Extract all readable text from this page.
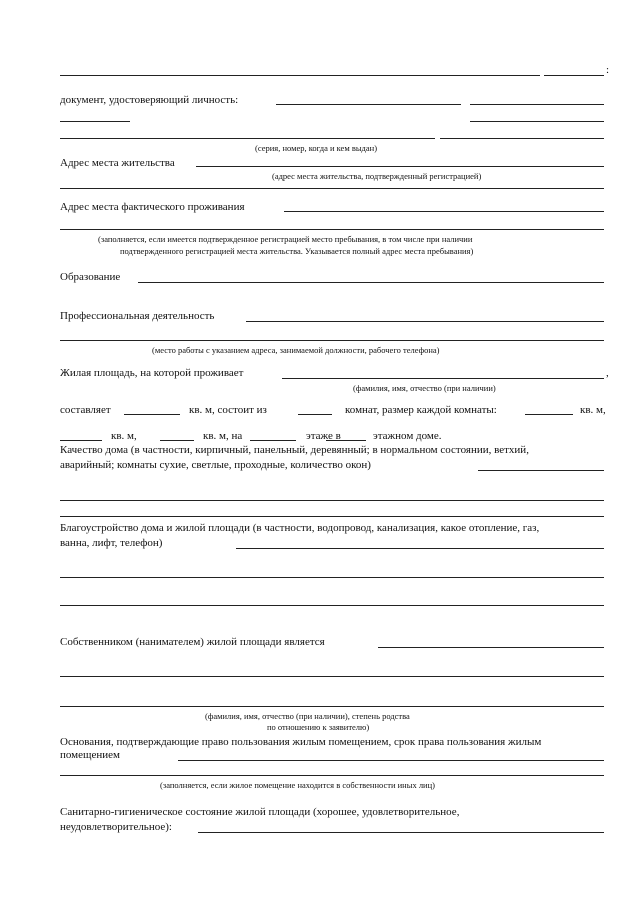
:
документ, удостоверяющий личность:
(серия, номер, когда и кем выдан)
Адрес места жительства
(адрес места жительства, подтвержденный регистрацией)
Адрес места фактического проживания
(заполняется, если имеется подтвержденное регистрацией место пребывания, в том числе при наличии
подтвержденного регистрацией места жительства. Указывается полный адрес места пребывания)
Образование
Профессиональная деятельность
(место работы с указанием адреса, занимаемой должности, рабочего телефона)
Жилая площадь, на которой проживает	,
(фамилия, имя, отчество (при наличии)
составляет	кв. м, состоит из	комнат, размер каждой комнаты:	кв. м,
кв. м,	кв. м, на	этаже в	этажном доме.
Качество дома (в частности, кирпичный, панельный, деревянный; в нормальном состоянии, ветхий,
аварийный; комнаты сухие, светлые, проходные, количество окон)
Благоустройство дома и жилой площади (в частности, водопровод, канализация, какое отопление, газ,
ванна, лифт, телефон)
Собственником (нанимателем) жилой площади является
(фамилия, имя, отчество (при наличии), степень родства
по отношению к заявителю)
Основания, подтверждающие право пользования жилым помещением, срок права пользования жилым
помещением
(заполняется, если жилое помещение находится в собственности иных лиц)
Санитарно-гигиеническое состояние жилой площади (хорошее, удовлетворительное,
неудовлетворительное):
